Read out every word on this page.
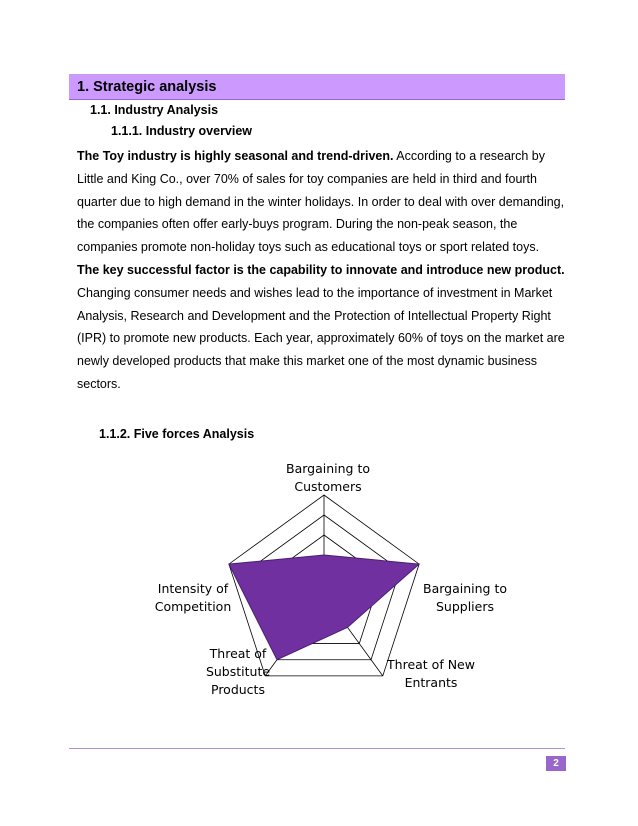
1. Strategic analysis
1.1. Industry Analysis
1.1.1. Industry overview
The Toy industry is highly seasonal and trend-driven. According to a research by Little and King Co., over 70% of sales for toy companies are held in third and fourth quarter due to high demand in the winter holidays. In order to deal with over demanding, the companies often offer early-buys program. During the non-peak season, the companies promote non-holiday toys such as educational toys or sport related toys.
The key successful factor is the capability to innovate and introduce new product. Changing consumer needs and wishes lead to the importance of investment in Market Analysis, Research and Development and the Protection of Intellectual Property Right (IPR) to promote new products. Each year, approximately 60% of toys on the market are newly developed products that make this market one of the most dynamic business sectors.
1.1.2. Five forces Analysis
Bargaining to Customers
Bargaining to Suppliers
Threat of New Entrants
Threat of Substitute Products
Intensity of Competition
2
